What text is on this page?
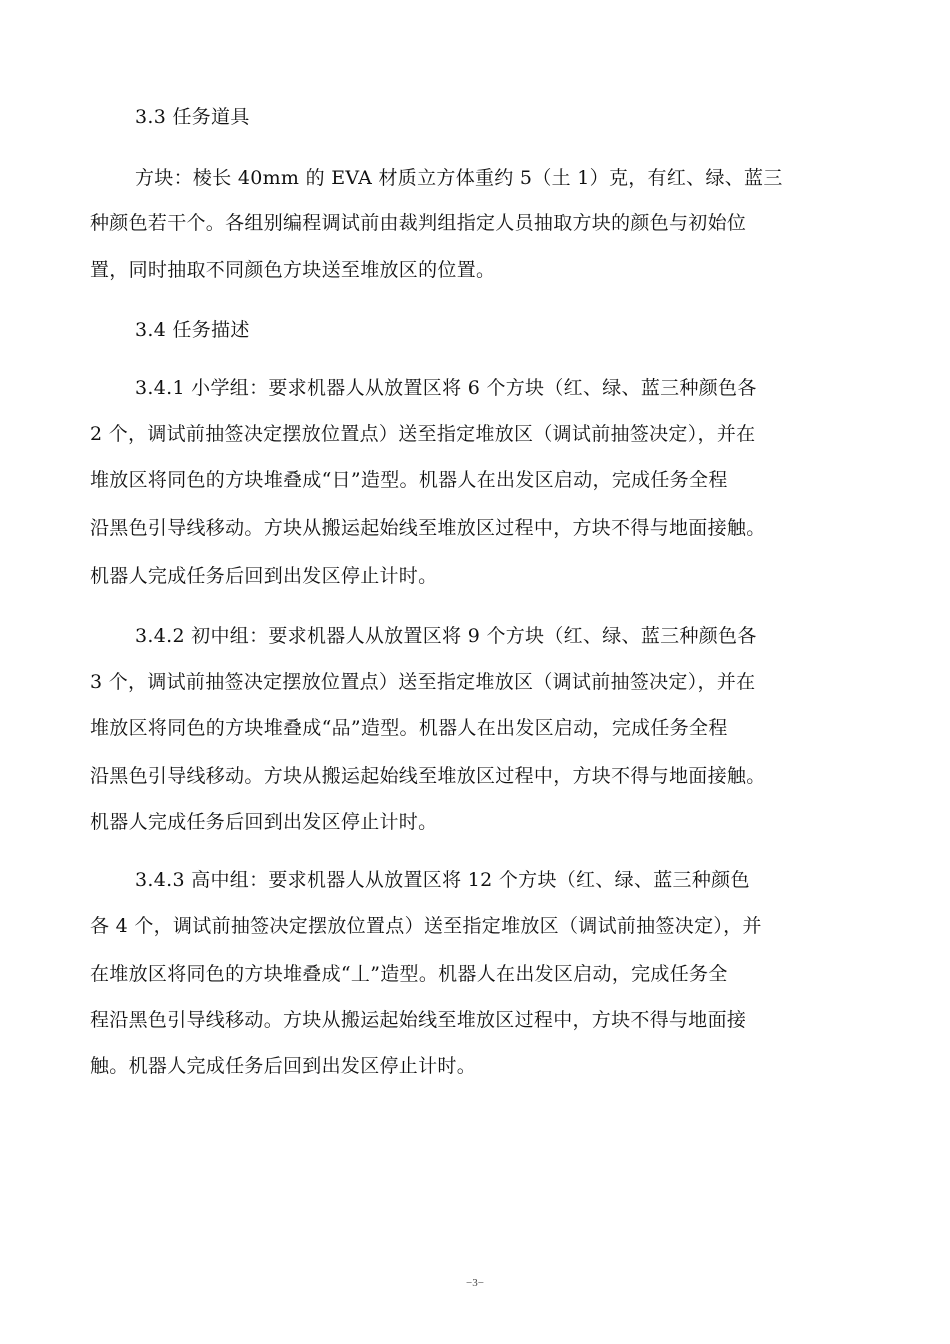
3.3 任务道具
方块：棱长 40mm 的 EVA 材质立方体重约 5（土 1）克，有红、绿、蓝三
种颜色若干个。各组别编程调试前由裁判组指定人员抽取方块的颜色与初始位
置，同时抽取不同颜色方块送至堆放区的位置。
3.4 任务描述
3.4.1 小学组：要求机器人从放置区将 6 个方块（红、绿、蓝三种颜色各
2 个，调试前抽签决定摆放位置点）送至指定堆放区（调试前抽签决定），并在
堆放区将同色的方块堆叠成“日”造型。机器人在出发区启动，完成任务全程
沿黑色引导线移动。方块从搬运起始线至堆放区过程中，方块不得与地面接触。
机器人完成任务后回到出发区停止计时。
3.4.2 初中组：要求机器人从放置区将 9 个方块（红、绿、蓝三种颜色各
3 个，调试前抽签决定摆放位置点）送至指定堆放区（调试前抽签决定），并在
堆放区将同色的方块堆叠成“品”造型。机器人在出发区启动，完成任务全程
沿黑色引导线移动。方块从搬运起始线至堆放区过程中，方块不得与地面接触。
机器人完成任务后回到出发区停止计时。
3.4.3 高中组：要求机器人从放置区将 12 个方块（红、绿、蓝三种颜色
各 4 个，调试前抽签决定摆放位置点）送至指定堆放区（调试前抽签决定），并
在堆放区将同色的方块堆叠成“丄”造型。机器人在出发区启动，完成任务全
程沿黑色引导线移动。方块从搬运起始线至堆放区过程中，方块不得与地面接
触。机器人完成任务后回到出发区停止计时。
−3−
